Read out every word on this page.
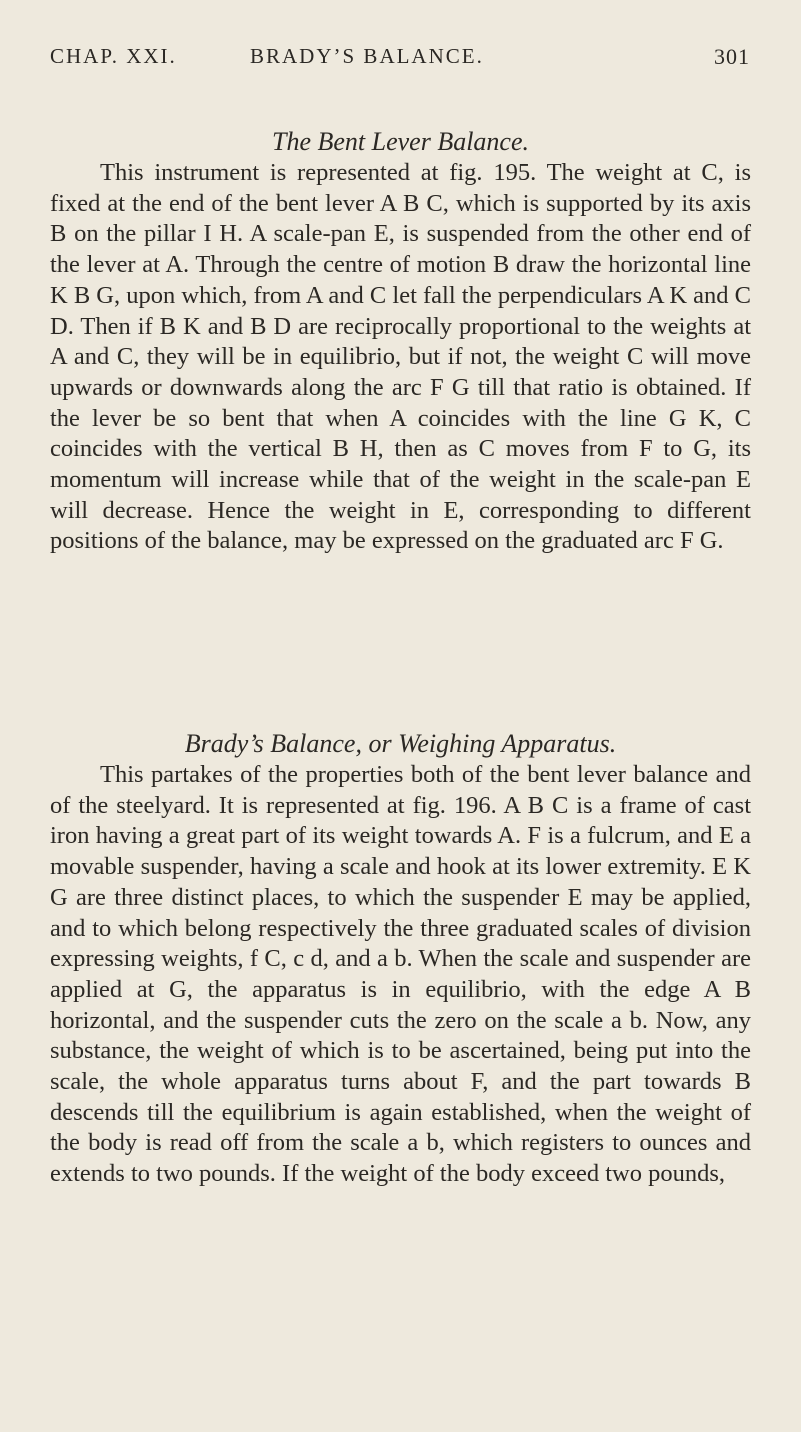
CHAP. XXI.	BRADY’S BALANCE.	301
The Bent Lever Balance.

This instrument is represented at fig. 195. The weight at C, is fixed at the end of the bent lever A B C, which is supported by its axis B on the pillar I H. A scale-pan E, is suspended from the other end of the lever at A. Through the centre of motion B draw the horizontal line K B G, upon which, from A and C let fall the perpendiculars A K and C D. Then if B K and B D are reciprocally proportional to the weights at A and C, they will be in equilibrio, but if not, the weight C will move upwards or downwards along the arc F G till that ratio is obtained. If the lever be so bent that when A coincides with the line G K, C coincides with the vertical B H, then as C moves from F to G, its momentum will increase while that of the weight in the scale-pan E will decrease. Hence the weight in E, corresponding to different positions of the balance, may be expressed on the graduated arc F G.

Brady’s Balance, or Weighing Apparatus.

This partakes of the properties both of the bent lever balance and of the steelyard. It is represented at fig. 196. A B C is a frame of cast iron having a great part of its weight towards A. F is a fulcrum, and E a movable suspender, having a scale and hook at its lower extremity. E K G are three distinct places, to which the suspender E may be applied, and to which belong respectively the three graduated scales of division expressing weights, f C, c d, and a b. When the scale and suspender are applied at G, the apparatus is in equilibrio, with the edge A B horizontal, and the suspender cuts the zero on the scale a b. Now, any substance, the weight of which is to be ascertained, being put into the scale, the whole apparatus turns about F, and the part towards B descends till the equilibrium is again established, when the weight of the body is read off from the scale a b, which registers to ounces and extends to two pounds. If the weight of the body exceed two pounds,
